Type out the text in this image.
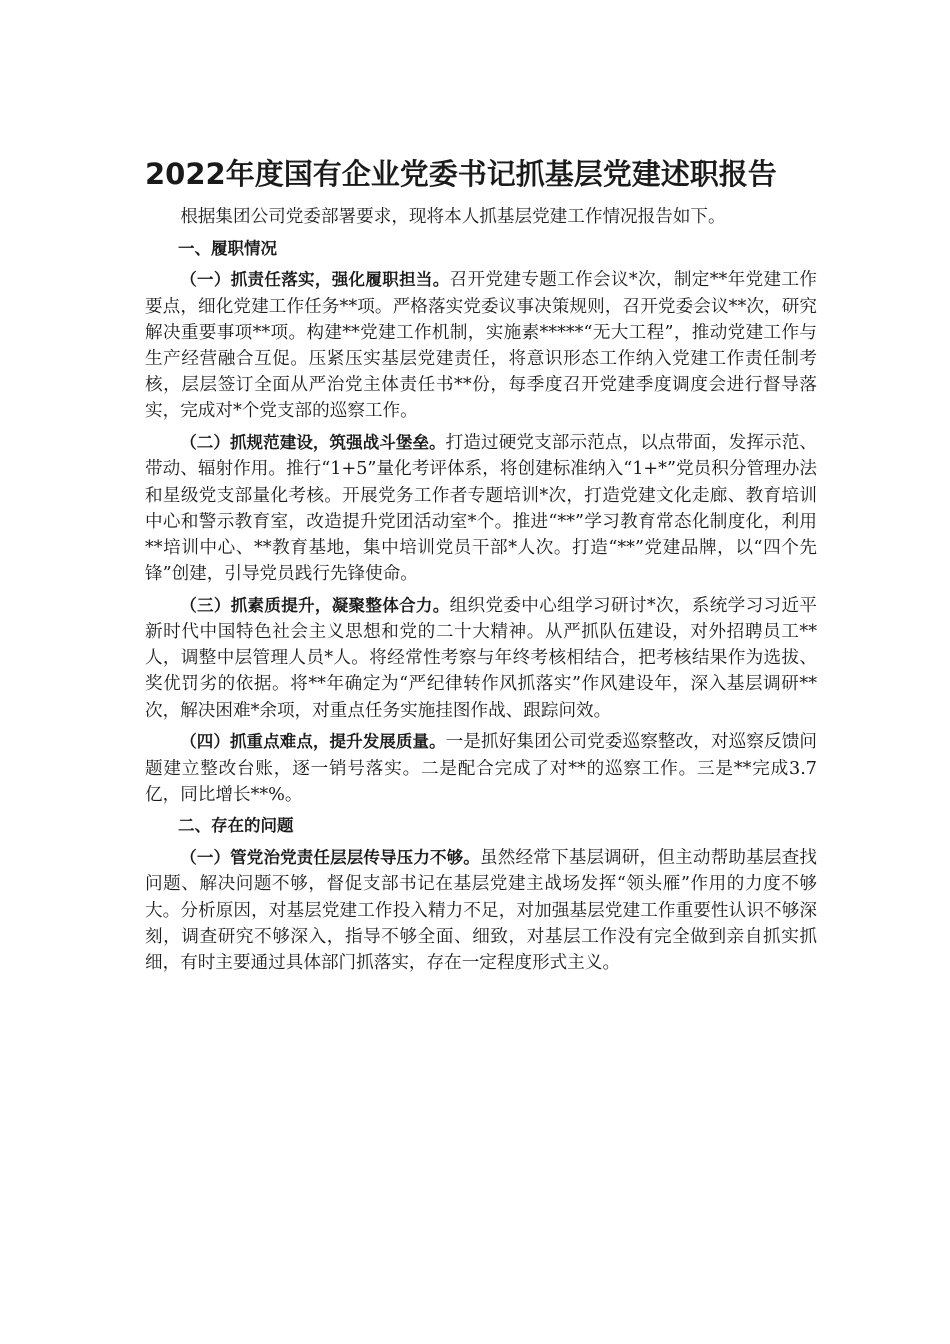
2022年度国有企业党委书记抓基层党建述职报告

根据集团公司党委部署要求，现将本人抓基层党建工作情况报告如下。

一、履职情况

（一）抓责任落实，强化履职担当。召开党建专题工作会议*次，制定**年党建工作要点，细化党建工作任务**项。严格落实党委议事决策规则，召开党委会议**次，研究解决重要事项**项。构建**党建工作机制，实施素*****“无大工程”，推动党建工作与生产经营融合互促。压紧压实基层党建责任，将意识形态工作纳入党建工作责任制考核，层层签订全面从严治党主体责任书**份，每季度召开党建季度调度会进行督导落实，完成对*个党支部的巡察工作。

（二）抓规范建设，筑强战斗堡垒。打造过硬党支部示范点，以点带面，发挥示范、带动、辐射作用。推行“1+5”量化考评体系，将创建标准纳入“1+*”党员积分管理办法和星级党支部量化考核。开展党务工作者专题培训*次，打造党建文化走廊、教育培训中心和警示教育室，改造提升党团活动室*个。推进“**”学习教育常态化制度化，利用**培训中心、**教育基地，集中培训党员干部*人次。打造“**”党建品牌，以“四个先锋”创建，引导党员践行先锋使命。

（三）抓素质提升，凝聚整体合力。组织党委中心组学习研讨*次，系统学习习近平新时代中国特色社会主义思想和党的二十大精神。从严抓队伍建设，对外招聘员工**人，调整中层管理人员*人。将经常性考察与年终考核相结合，把考核结果作为选拔、奖优罚劣的依据。将**年确定为“严纪律转作风抓落实”作风建设年，深入基层调研**次，解决困难*余项，对重点任务实施挂图作战、跟踪问效。

（四）抓重点难点，提升发展质量。一是抓好集团公司党委巡察整改，对巡察反馈问题建立整改台账，逐一销号落实。二是配合完成了对**的巡察工作。三是**完成3.7亿，同比增长**%。

二、存在的问题

（一）管党治党责任层层传导压力不够。虽然经常下基层调研，但主动帮助基层查找问题、解决问题不够，督促支部书记在基层党建主战场发挥“领头雁”作用的力度不够大。分析原因，对基层党建工作投入精力不足，对加强基层党建工作重要性认识不够深刻，调查研究不够深入，指导不够全面、细致，对基层工作没有完全做到亲自抓实抓细，有时主要通过具体部门抓落实，存在一定程度形式主义。
